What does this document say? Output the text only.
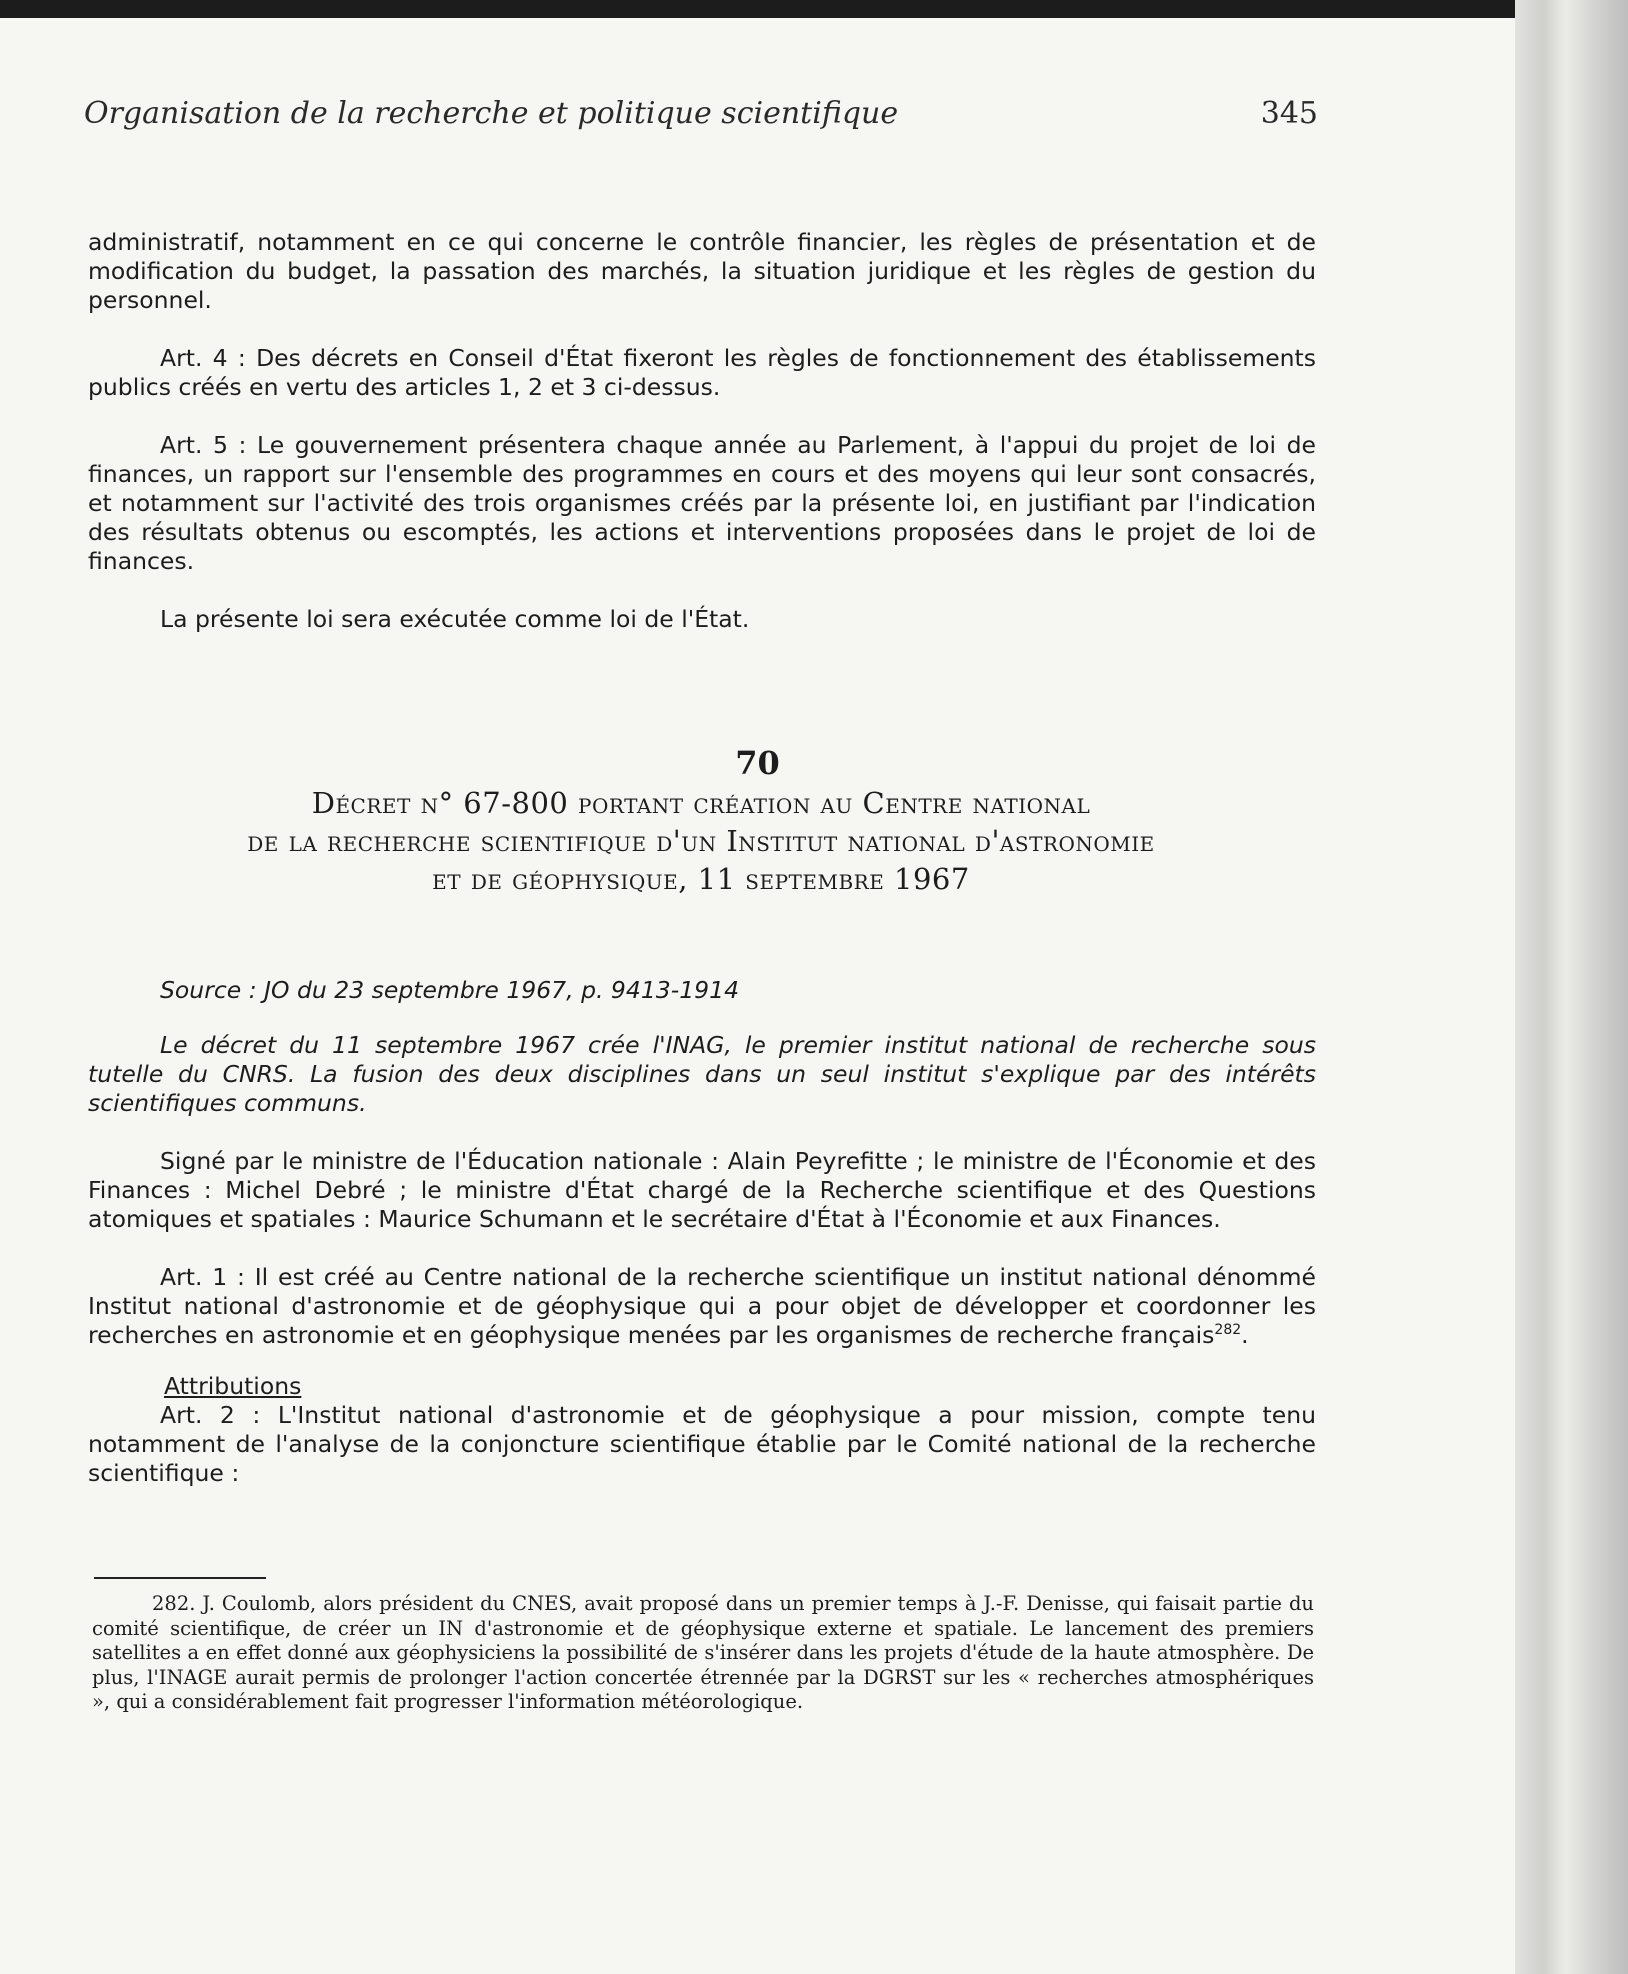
Organisation de la recherche et politique scientifique	345

administratif, notamment en ce qui concerne le contrôle financier, les règles de présentation et de modification du budget, la passation des marchés, la situation juridique et les règles de gestion du personnel.

Art. 4 : Des décrets en Conseil d'État fixeront les règles de fonctionnement des établissements publics créés en vertu des articles 1, 2 et 3 ci-dessus.

Art. 5 : Le gouvernement présentera chaque année au Parlement, à l'appui du projet de loi de finances, un rapport sur l'ensemble des programmes en cours et des moyens qui leur sont consacrés, et notamment sur l'activité des trois organismes créés par la présente loi, en justifiant par l'indication des résultats obtenus ou escomptés, les actions et interventions proposées dans le projet de loi de finances.

La présente loi sera exécutée comme loi de l'État.

70
Décret n° 67-800 portant création au Centre national
de la recherche scientifique d'un Institut national d'astronomie
et de géophysique, 11 septembre 1967

Source : JO du 23 septembre 1967, p. 9413-1914

Le décret du 11 septembre 1967 crée l'INAG, le premier institut national de recherche sous tutelle du CNRS. La fusion des deux disciplines dans un seul institut s'explique par des intérêts scientifiques communs.

Signé par le ministre de l'Éducation nationale : Alain Peyrefitte ; le ministre de l'Économie et des Finances : Michel Debré ; le ministre d'État chargé de la Recherche scientifique et des Questions atomiques et spatiales : Maurice Schumann et le secrétaire d'État à l'Économie et aux Finances.

Art. 1 : Il est créé au Centre national de la recherche scientifique un institut national dénommé Institut national d'astronomie et de géophysique qui a pour objet de développer et coordonner les recherches en astronomie et en géophysique menées par les organismes de recherche français$^{282}$.

Attributions

Art. 2 : L'Institut national d'astronomie et de géophysique a pour mission, compte tenu notamment de l'analyse de la conjoncture scientifique établie par le Comité national de la recherche scientifique :

282. J. Coulomb, alors président du CNES, avait proposé dans un premier temps à J.-F. Denisse, qui faisait partie du comité scientifique, de créer un IN d'astronomie et de géophysique externe et spatiale. Le lancement des premiers satellites a en effet donné aux géophysiciens la possibilité de s'insérer dans les projets d'étude de la haute atmosphère. De plus, l'INAGE aurait permis de prolonger l'action concertée étrennée par la DGRST sur les « recherches atmosphériques », qui a considérablement fait progresser l'information météorologique.
